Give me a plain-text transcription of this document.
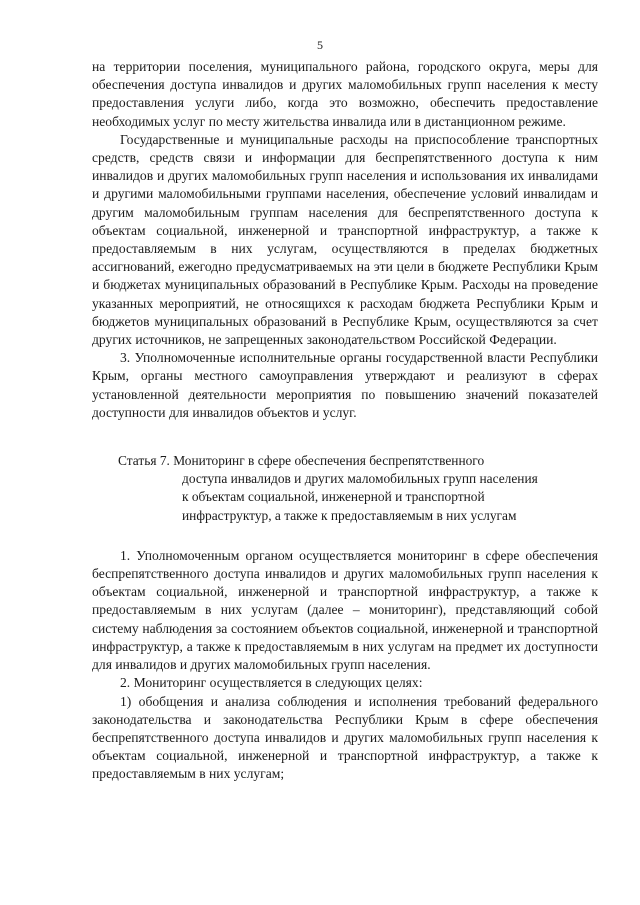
5

на территории поселения, муниципального района, городского округа, меры для обеспечения доступа инвалидов и других маломобильных групп населения к месту предоставления услуги либо, когда это возможно, обеспечить предоставление необходимых услуг по месту жительства инвалида или в дистанционном режиме.

Государственные и муниципальные расходы на приспособление транспортных средств, средств связи и информации для беспрепятственного доступа к ним инвалидов и других маломобильных групп населения и использования их инвалидами и другими маломобильными группами населения, обеспечение условий инвалидам и другим маломобильным группам населения для беспрепятственного доступа к объектам социальной, инженерной и транспортной инфраструктур, а также к предоставляемым в них услугам, осуществляются в пределах бюджетных ассигнований, ежегодно предусматриваемых на эти цели в бюджете Республики Крым и бюджетах муниципальных образований в Республике Крым. Расходы на проведение указанных мероприятий, не относящихся к расходам бюджета Республики Крым и бюджетов муниципальных образований в Республике Крым, осуществляются за счет других источников, не запрещенных законодательством Российской Федерации.

3. Уполномоченные исполнительные органы государственной власти Республики Крым, органы местного самоуправления утверждают и реализуют в сферах установленной деятельности мероприятия по повышению значений показателей доступности для инвалидов объектов и услуг.

Статья 7. Мониторинг в сфере обеспечения беспрепятственного
доступа инвалидов и других маломобильных групп населения
к объектам социальной, инженерной и транспортной
инфраструктур, а также к предоставляемым в них услугам

1. Уполномоченным органом осуществляется мониторинг в сфере обеспечения беспрепятственного доступа инвалидов и других маломобильных групп населения к объектам социальной, инженерной и транспортной инфраструктур, а также к предоставляемым в них услугам (далее – мониторинг), представляющий собой систему наблюдения за состоянием объектов социальной, инженерной и транспортной инфраструктур, а также к предоставляемым в них услугам на предмет их доступности для инвалидов и других маломобильных групп населения.

2. Мониторинг осуществляется в следующих целях:

1) обобщения и анализа соблюдения и исполнения требований федерального законодательства и законодательства Республики Крым в сфере обеспечения беспрепятственного доступа инвалидов и других маломобильных групп населения к объектам социальной, инженерной и транспортной инфраструктур, а также к предоставляемым в них услугам;
